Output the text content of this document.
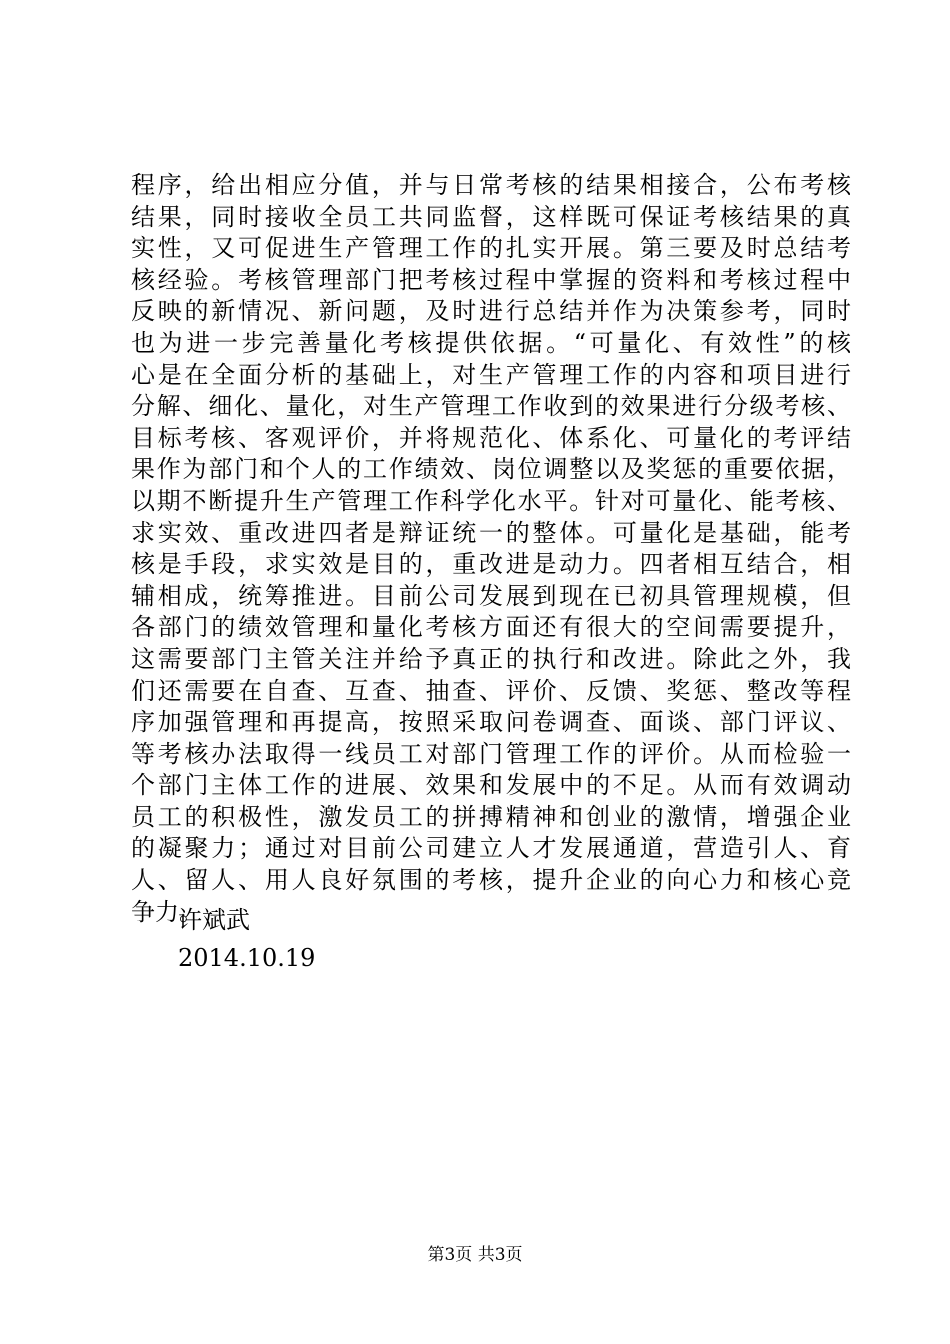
程序，给出相应分值，并与日常考核的结果相接合，公布考核
结果，同时接收全员工共同监督，这样既可保证考核结果的真
实性，又可促进生产管理工作的扎实开展。第三要及时总结考
核经验。考核管理部门把考核过程中掌握的资料和考核过程中
反映的新情况、新问题，及时进行总结并作为决策参考，同时
也为进一步完善量化考核提供依据。“可量化、有效性”的核
心是在全面分析的基础上，对生产管理工作的内容和项目进行
分解、细化、量化，对生产管理工作收到的效果进行分级考核、
目标考核、客观评价，并将规范化、体系化、可量化的考评结
果作为部门和个人的工作绩效、岗位调整以及奖惩的重要依据，
以期不断提升生产管理工作科学化水平。针对可量化、能考核、
求实效、重改进四者是辩证统一的整体。可量化是基础，能考
核是手段，求实效是目的，重改进是动力。四者相互结合，相
辅相成，统筹推进。目前公司发展到现在已初具管理规模，但
各部门的绩效管理和量化考核方面还有很大的空间需要提升，
这需要部门主管关注并给予真正的执行和改进。除此之外，我
们还需要在自查、互查、抽查、评价、反馈、奖惩、整改等程
序加强管理和再提高，按照采取问卷调查、面谈、部门评议、
等考核办法取得一线员工对部门管理工作的评价。从而检验一
个部门主体工作的进展、效果和发展中的不足。从而有效调动
员工的积极性，激发员工的拼搏精神和创业的激情，增强企业
的凝聚力；通过对目前公司建立人才发展通道，营造引人、育
人、留人、用人良好氛围的考核，提升企业的向心力和核心竞
争力。
许斌武
2014.10.19
第3页 共3页
